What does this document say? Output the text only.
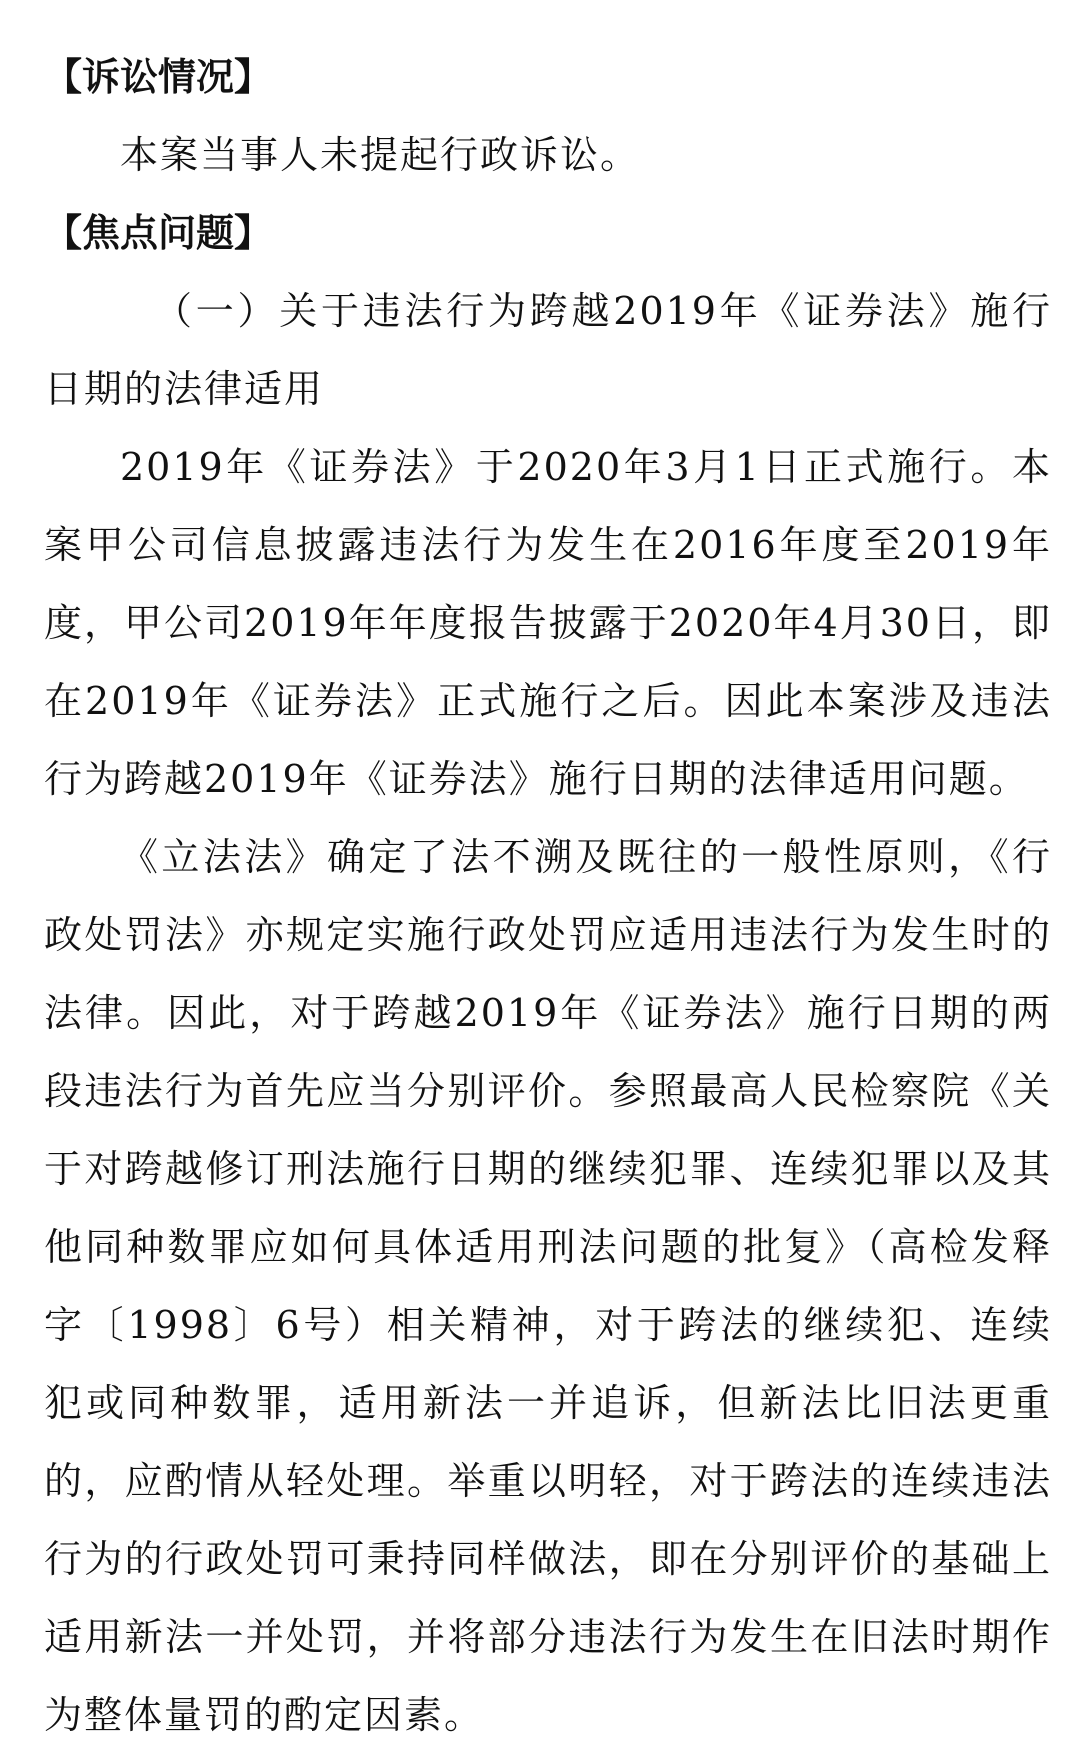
【诉讼情况】

本案当事人未提起行政诉讼。

【焦点问题】

（一）关于违法行为跨越2019年《证券法》施行日期的法律适用

2019年《证券法》于2020年3月1日正式施行。本案甲公司信息披露违法行为发生在2016年度至2019年度，甲公司2019年年度报告披露于2020年4月30日，即在2019年《证券法》正式施行之后。因此本案涉及违法行为跨越2019年《证券法》施行日期的法律适用问题。

《立法法》确定了法不溯及既往的一般性原则，《行政处罚法》亦规定实施行政处罚应适用违法行为发生时的法律。因此，对于跨越2019年《证券法》施行日期的两段违法行为首先应当分别评价。参照最高人民检察院《关于对跨越修订刑法施行日期的继续犯罪、连续犯罪以及其他同种数罪应如何具体适用刑法问题的批复》（高检发释字〔1998〕6号）相关精神，对于跨法的继续犯、连续犯或同种数罪，适用新法一并追诉，但新法比旧法更重的，应酌情从轻处理。举重以明轻，对于跨法的连续违法行为的行政处罚可秉持同样做法，即在分别评价的基础上适用新法一并处罚，并将部分违法行为发生在旧法时期作为整体量罚的酌定因素。
